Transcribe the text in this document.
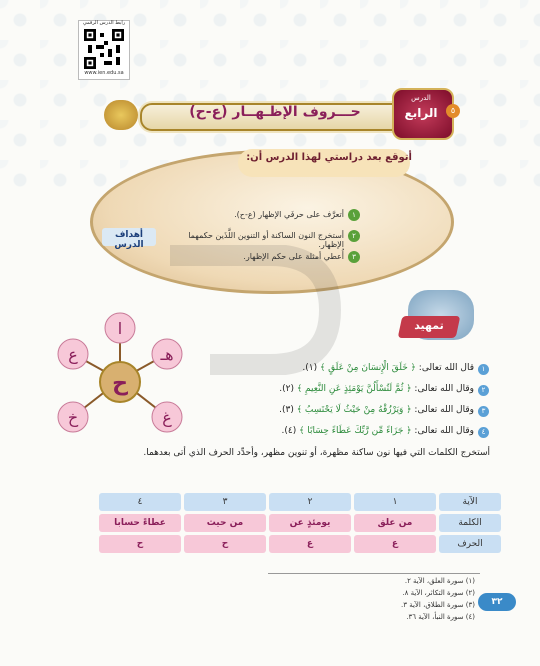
رابط الدرس الرقمي
www.ien.edu.sa
حـــروف الإظـهــار (ع-ح)
الدرس
الرابع	٥
أتوقع بعد دراستي لهذا الدرس أن:
أهداف الدرس
١
أتعرَّف على حرفَي الإظهار (ع-ح).
٢
أستخرج النون الساكنة أو التنوين اللَّذَين حكمهما الإظهار.
٣
أُعطي أمثلة على حكم الإظهار.
تمهيد
ح
ا
هـ
ع
خ	غ
١
قال الله تعالى: ﴿ خَلَقَ الْإِنسَانَ مِنْ عَلَقٍ ﴾ (١).
٢
وقال الله تعالى: ﴿ ثُمَّ لَتُسْأَلُنَّ يَوْمَئِذٍ عَنِ النَّعِيمِ ﴾ (٢).
٣
وقال الله تعالى: ﴿ وَيَرْزُقْهُ مِنْ حَيْثُ لَا يَحْتَسِبُ ﴾ (٣).
٤
وقال الله تعالى: ﴿ جَزَاءً مِّن رَّبِّكَ عَطَاءً حِسَابًا ﴾ (٤).
أستخرج الكلمات التي فيها نون ساكنة مظهرة، أو تنوين مظهر، وأحدِّد الحرف الذي أتى بعدهما.
الآية	١	٢	٣	٤
الكلمة	من علق	يومئذٍ عن	من حيث	عطاءً حسابا
الحرف	ع	ع	ح	ح
(١) سورة العلق، الآية ٢.
(٢) سورة التكاثر، الآية ٨.
(٣) سورة الطلاق، الآية ٣.
(٤) سورة النبأ، الآية ٣٦.
٣٢
